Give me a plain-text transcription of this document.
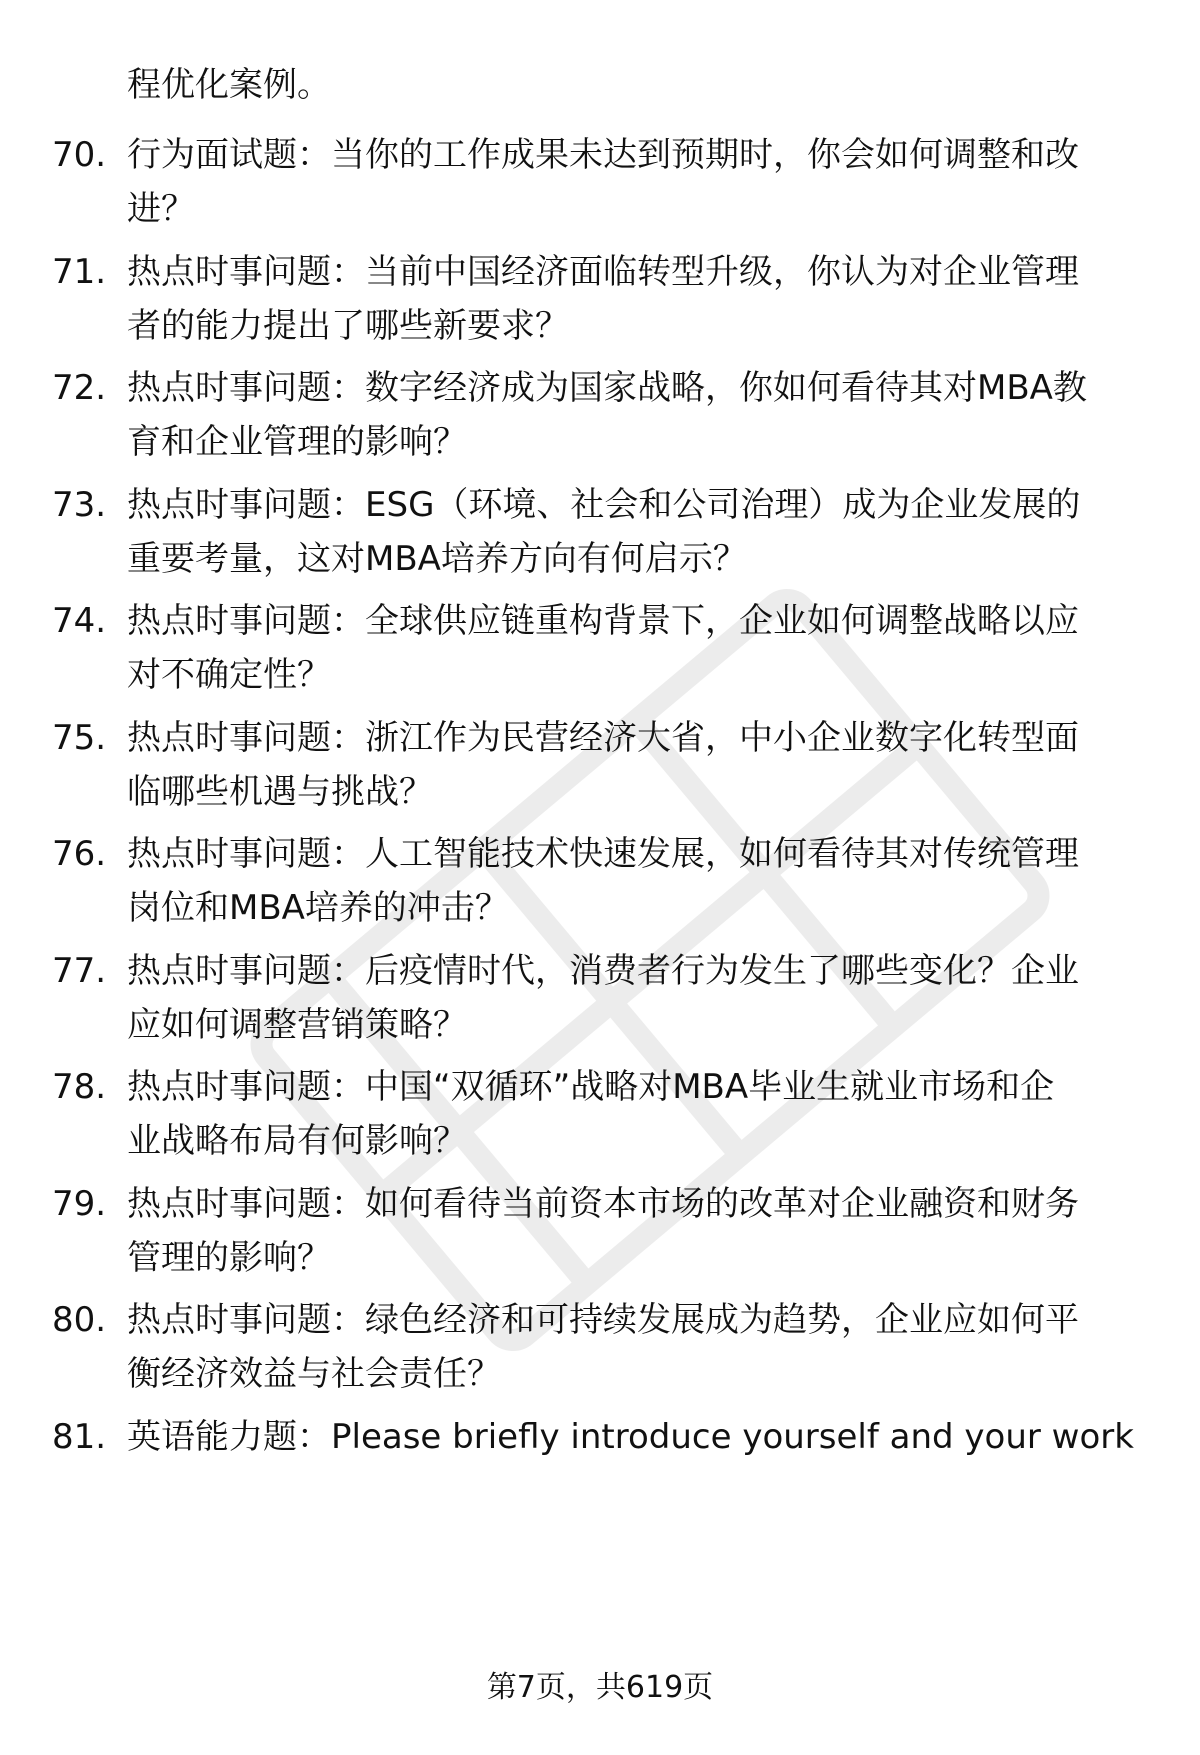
程优化案例。
70. 行为面试题：当你的工作成果未达到预期时，你会如何调整和改
进？
71. 热点时事问题：当前中国经济面临转型升级，你认为对企业管理
者的能力提出了哪些新要求？
72. 热点时事问题：数字经济成为国家战略，你如何看待其对MBA教
育和企业管理的影响？
73. 热点时事问题：ESG（环境、社会和公司治理）成为企业发展的
重要考量，这对MBA培养方向有何启示？
74. 热点时事问题：全球供应链重构背景下，企业如何调整战略以应
对不确定性？
75. 热点时事问题：浙江作为民营经济大省，中小企业数字化转型面
临哪些机遇与挑战？
76. 热点时事问题：人工智能技术快速发展，如何看待其对传统管理
岗位和MBA培养的冲击？
77. 热点时事问题：后疫情时代，消费者行为发生了哪些变化？企业
应如何调整营销策略？
78. 热点时事问题：中国“双循环”战略对MBA毕业生就业市场和企
业战略布局有何影响？
79. 热点时事问题：如何看待当前资本市场的改革对企业融资和财务
管理的影响？
80. 热点时事问题：绿色经济和可持续发展成为趋势，企业应如何平
衡经济效益与社会责任？
81. 英语能力题：Please briefly introduce yourself and your work
第7页，共619页
